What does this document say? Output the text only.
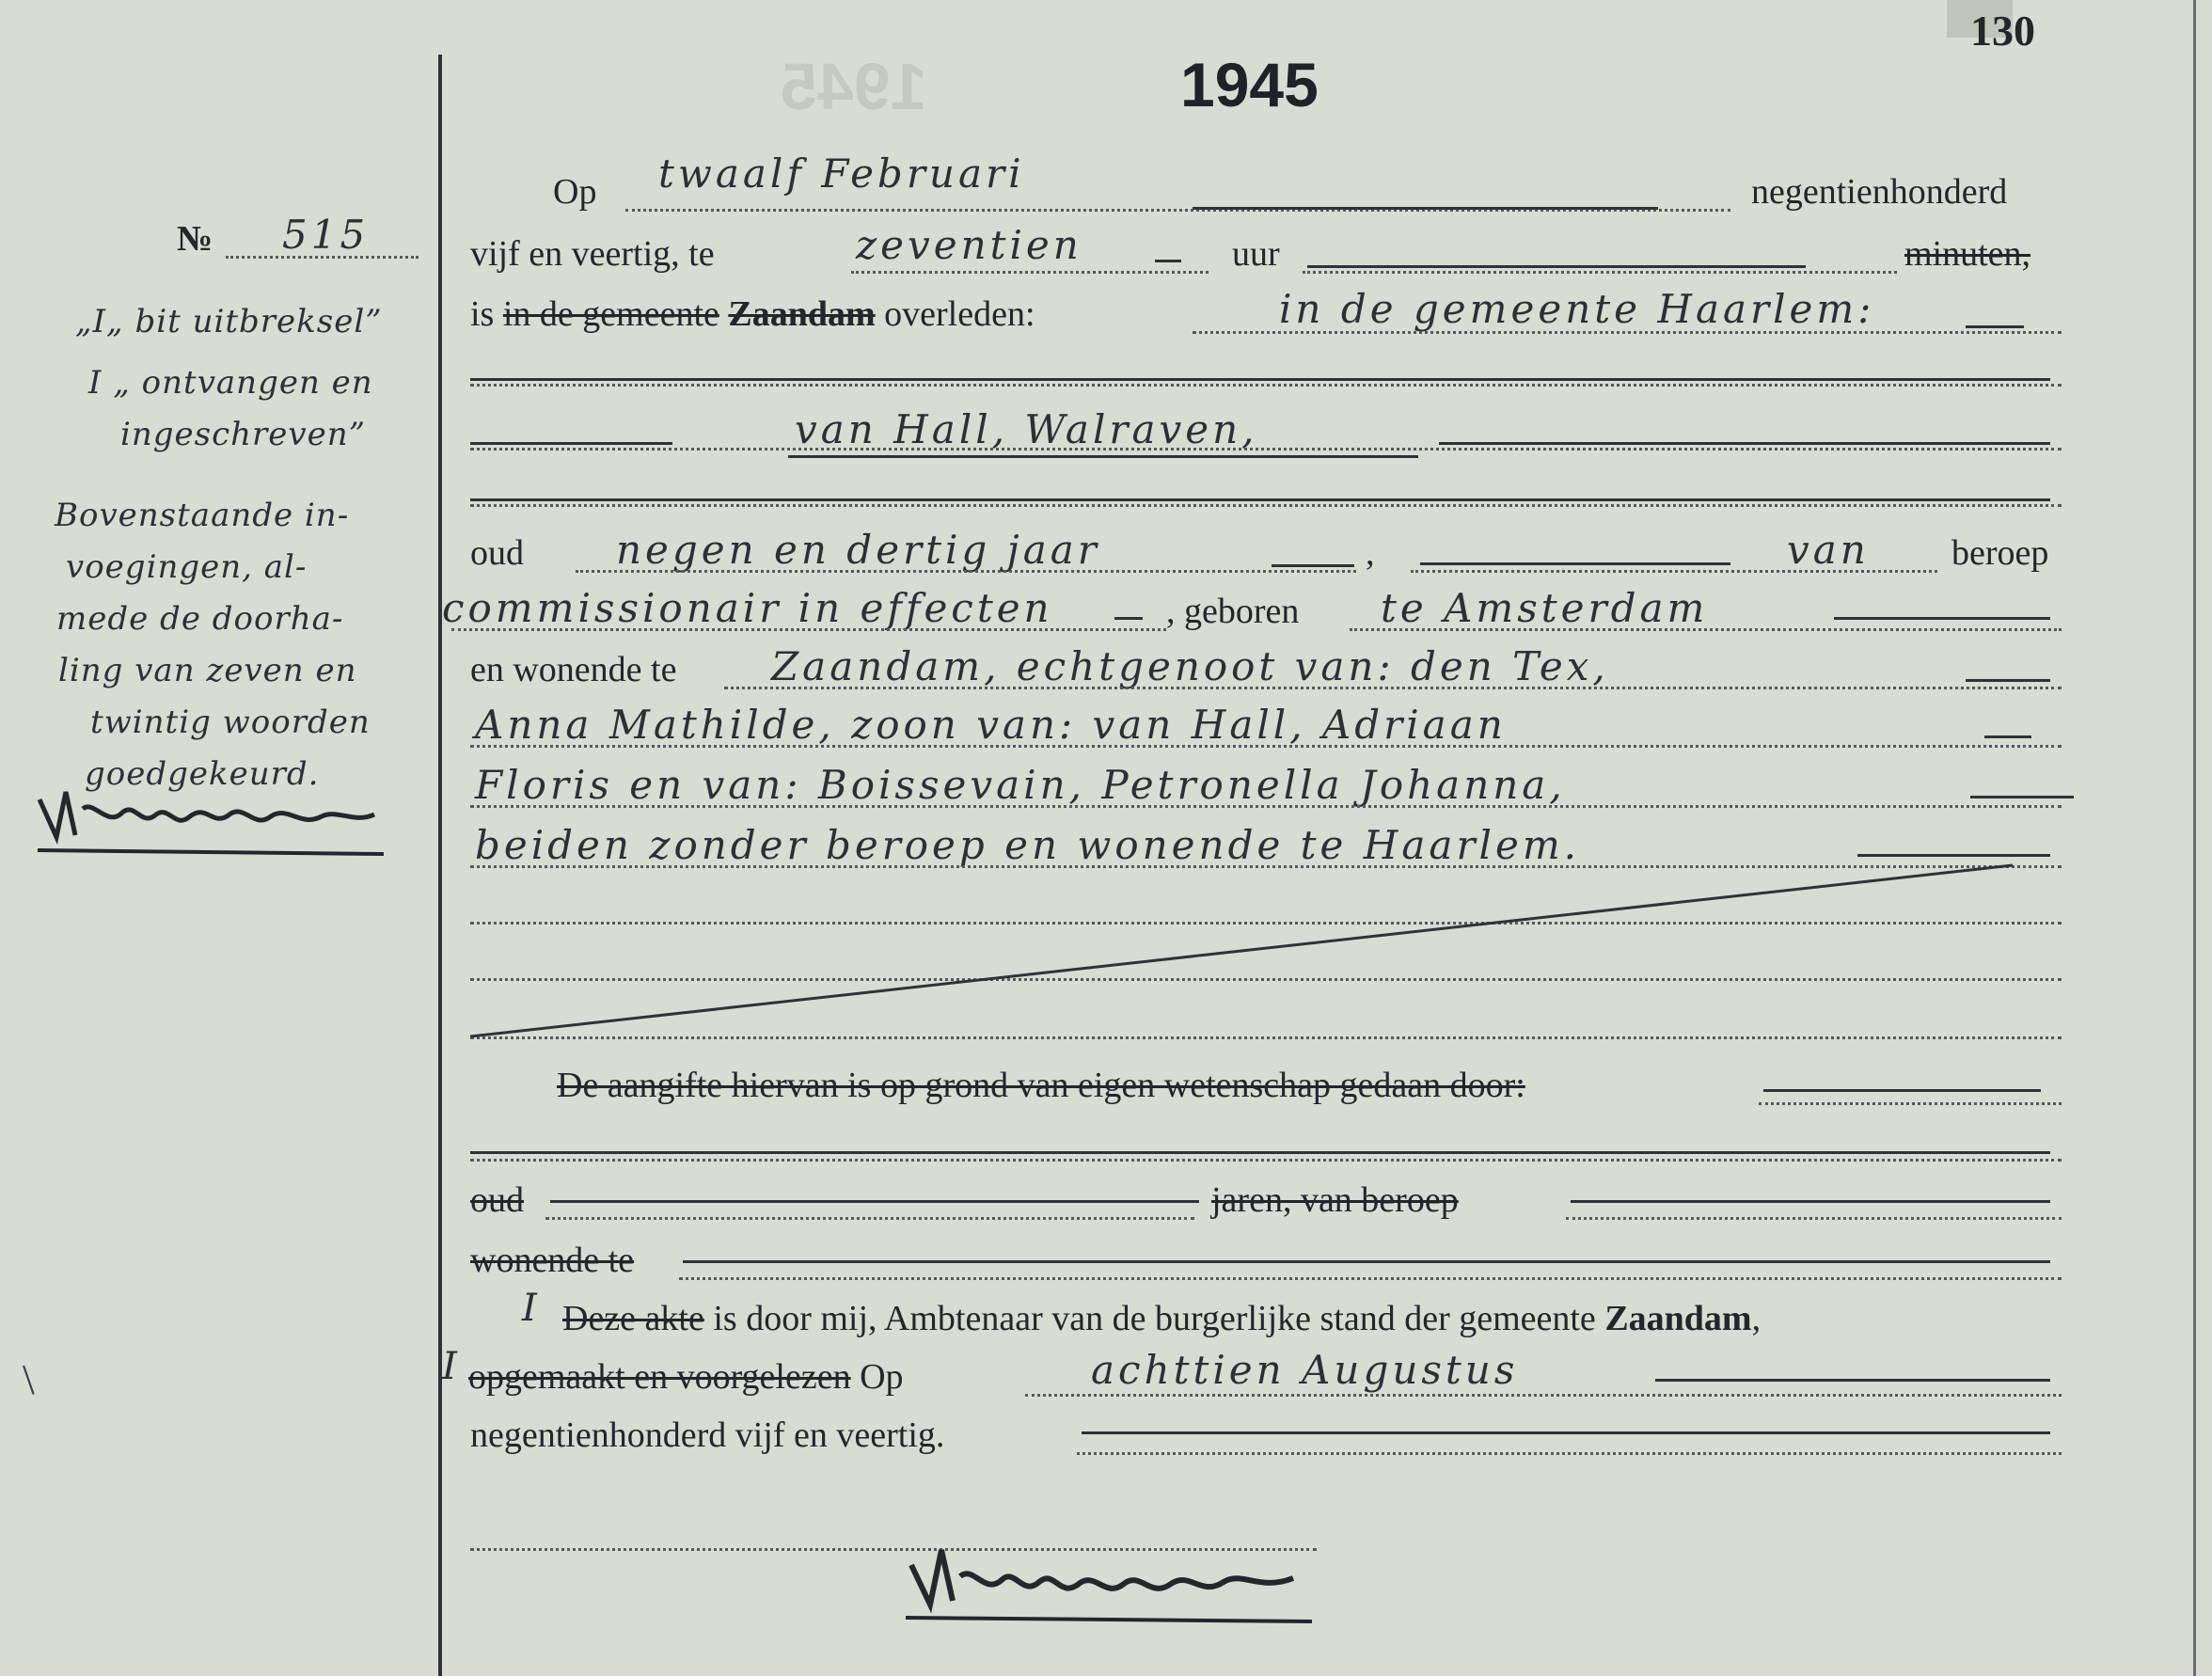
1945
130
1945
№ 515
„I„ bit uitbreksel”
I „ ontvangen en
ingeschreven”
Bovenstaande in-
voegingen, al-
mede de doorha-
ling van zeven en
twintig woorden
goedgekeurd.
\
Op twaalf Februari	negentienhonderd
vijf en veertig, te	zeventien	uur	minuten,
is in de gemeente Zaandam overleden:	in de gemeente Haarlem:
van Hall, Walraven,
oud negen en dertig jaar	,	van beroep
commissionair in effecten	, geboren te Amsterdam
en wonende te Zaandam, echtgenoot van: den Tex,
Anna Mathilde, zoon van: van Hall, Adriaan
Floris en van: Boissevain, Petronella Johanna,
beiden zonder beroep en wonende te Haarlem.
De aangifte hiervan is op grond van eigen wetenschap gedaan door:
oud	jaren, van beroep
wonende te
I Deze akte is door mij, Ambtenaar van de burgerlijke stand der gemeente Zaandam,
I opgemaakt en voorgelezen Op	achttien Augustus
negentienhonderd vijf en veertig.
